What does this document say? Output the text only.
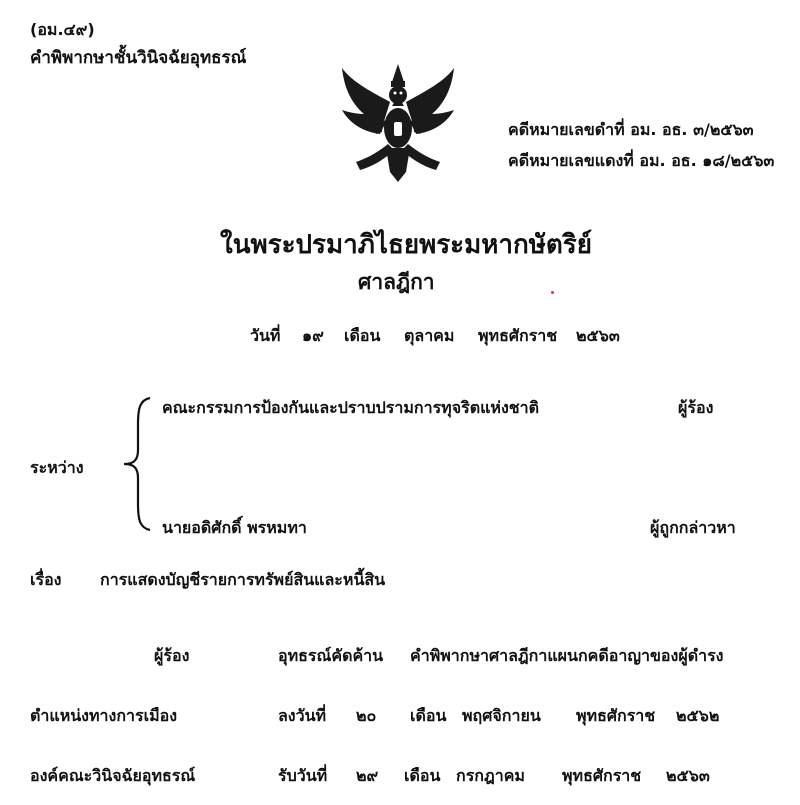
(อม.๔๙)
คำพิพากษาชั้นวินิจฉัยอุทธรณ์
คดีหมายเลขดำที่ อม. อธ. ๓/๒๕๖๓
คดีหมายเลขแดงที่ อม. อธ. ๑๘/๒๕๖๓
ในพระปรมาภิไธยพระมหากษัตริย์
ศาลฎีกา
วันที่ ๑๙ เดือน ตุลาคม พุทธศักราช ๒๕๖๓
คณะกรรมการป้องกันและปราบปรามการทุจริตแห่งชาติ	ผู้ร้อง
ระหว่าง
นายอดิศักดิ์ พรหมทา	ผู้ถูกกล่าวหา
เรื่อง การแสดงบัญชีรายการทรัพย์สินและหนี้สิน
ผู้ร้อง	อุทธรณ์คัดค้าน คำพิพากษาศาลฎีกาแผนกคดีอาญาของผู้ดำรง
ตำแหน่งทางการเมือง	ลงวันที่ ๒๐ เดือน พฤศจิกายน พุทธศักราช ๒๕๖๒
องค์คณะวินิจฉัยอุทธรณ์	รับวันที่ ๒๙ เดือน กรกฎาคม พุทธศักราช ๒๕๖๓
